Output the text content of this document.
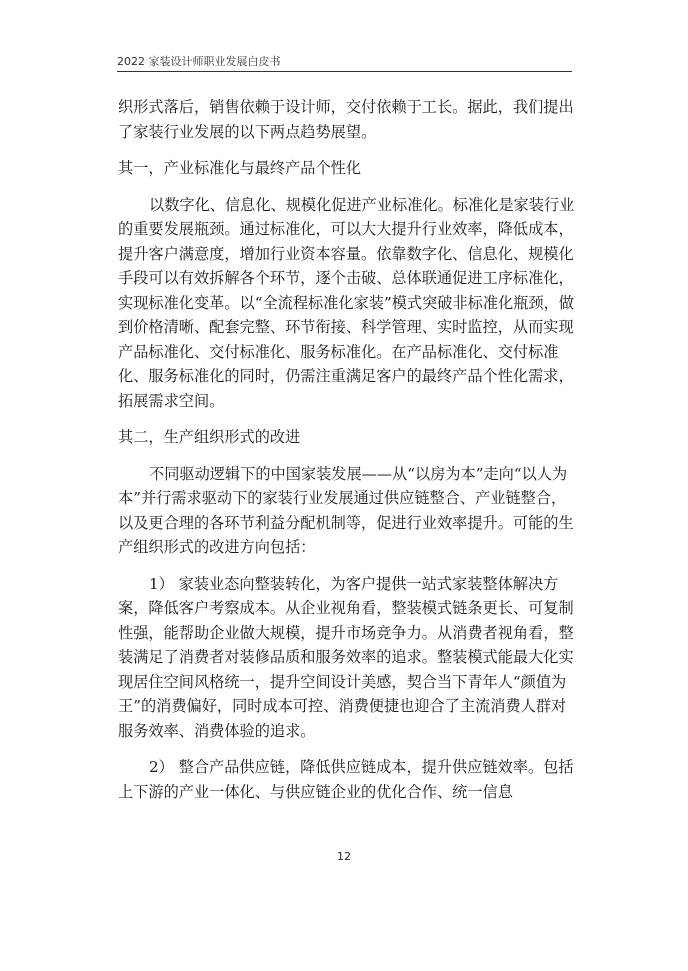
2022 家装设计师职业发展白皮书

织形式落后，销售依赖于设计师，交付依赖于工长。据此，我们提出了家装行业发展的以下两点趋势展望。

其一，产业标准化与最终产品个性化

以数字化、信息化、规模化促进产业标准化。标准化是家装行业的重要发展瓶颈。通过标准化，可以大大提升行业效率，降低成本，提升客户满意度，增加行业资本容量。依靠数字化、信息化、规模化手段可以有效拆解各个环节，逐个击破、总体联通促进工序标准化，实现标准化变革。以“全流程标准化家装”模式突破非标准化瓶颈，做到价格清晰、配套完整、环节衔接、科学管理、实时监控，从而实现产品标准化、交付标准化、服务标准化。在产品标准化、交付标准化、服务标准化的同时，仍需注重满足客户的最终产品个性化需求，拓展需求空间。

其二，生产组织形式的改进

不同驱动逻辑下的中国家装发展——从“以房为本”走向“以人为本”并行需求驱动下的家装行业发展通过供应链整合、产业链整合，以及更合理的各环节利益分配机制等，促进行业效率提升。可能的生产组织形式的改进方向包括：

1） 家装业态向整装转化，为客户提供一站式家装整体解决方案，降低客户考察成本。从企业视角看，整装模式链条更长、可复制性强，能帮助企业做大规模，提升市场竞争力。从消费者视角看，整装满足了消费者对装修品质和服务效率的追求。整装模式能最大化实现居住空间风格统一，提升空间设计美感，契合当下青年人“颜值为王”的消费偏好，同时成本可控、消费便捷也迎合了主流消费人群对服务效率、消费体验的追求。

2） 整合产品供应链，降低供应链成本，提升供应链效率。包括上下游的产业一体化、与供应链企业的优化合作、统一信息

12
